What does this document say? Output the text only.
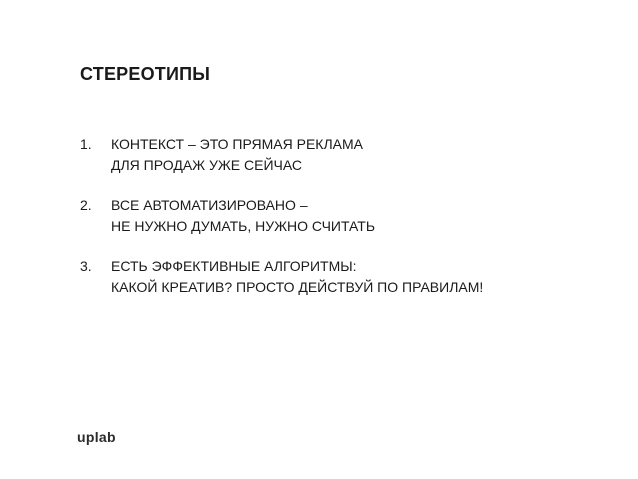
СТЕРЕОТИПЫ
1. КОНТЕКСТ – ЭТО ПРЯМАЯ РЕКЛАМА
ДЛЯ ПРОДАЖ УЖЕ СЕЙЧАС
2. ВСЕ АВТОМАТИЗИРОВАНО –
НЕ НУЖНО ДУМАТЬ, НУЖНО СЧИТАТЬ
3. ЕСТЬ ЭФФЕКТИВНЫЕ АЛГОРИТМЫ:
КАКОЙ КРЕАТИВ? ПРОСТО ДЕЙСТВУЙ ПО ПРАВИЛАМ!
uplab
